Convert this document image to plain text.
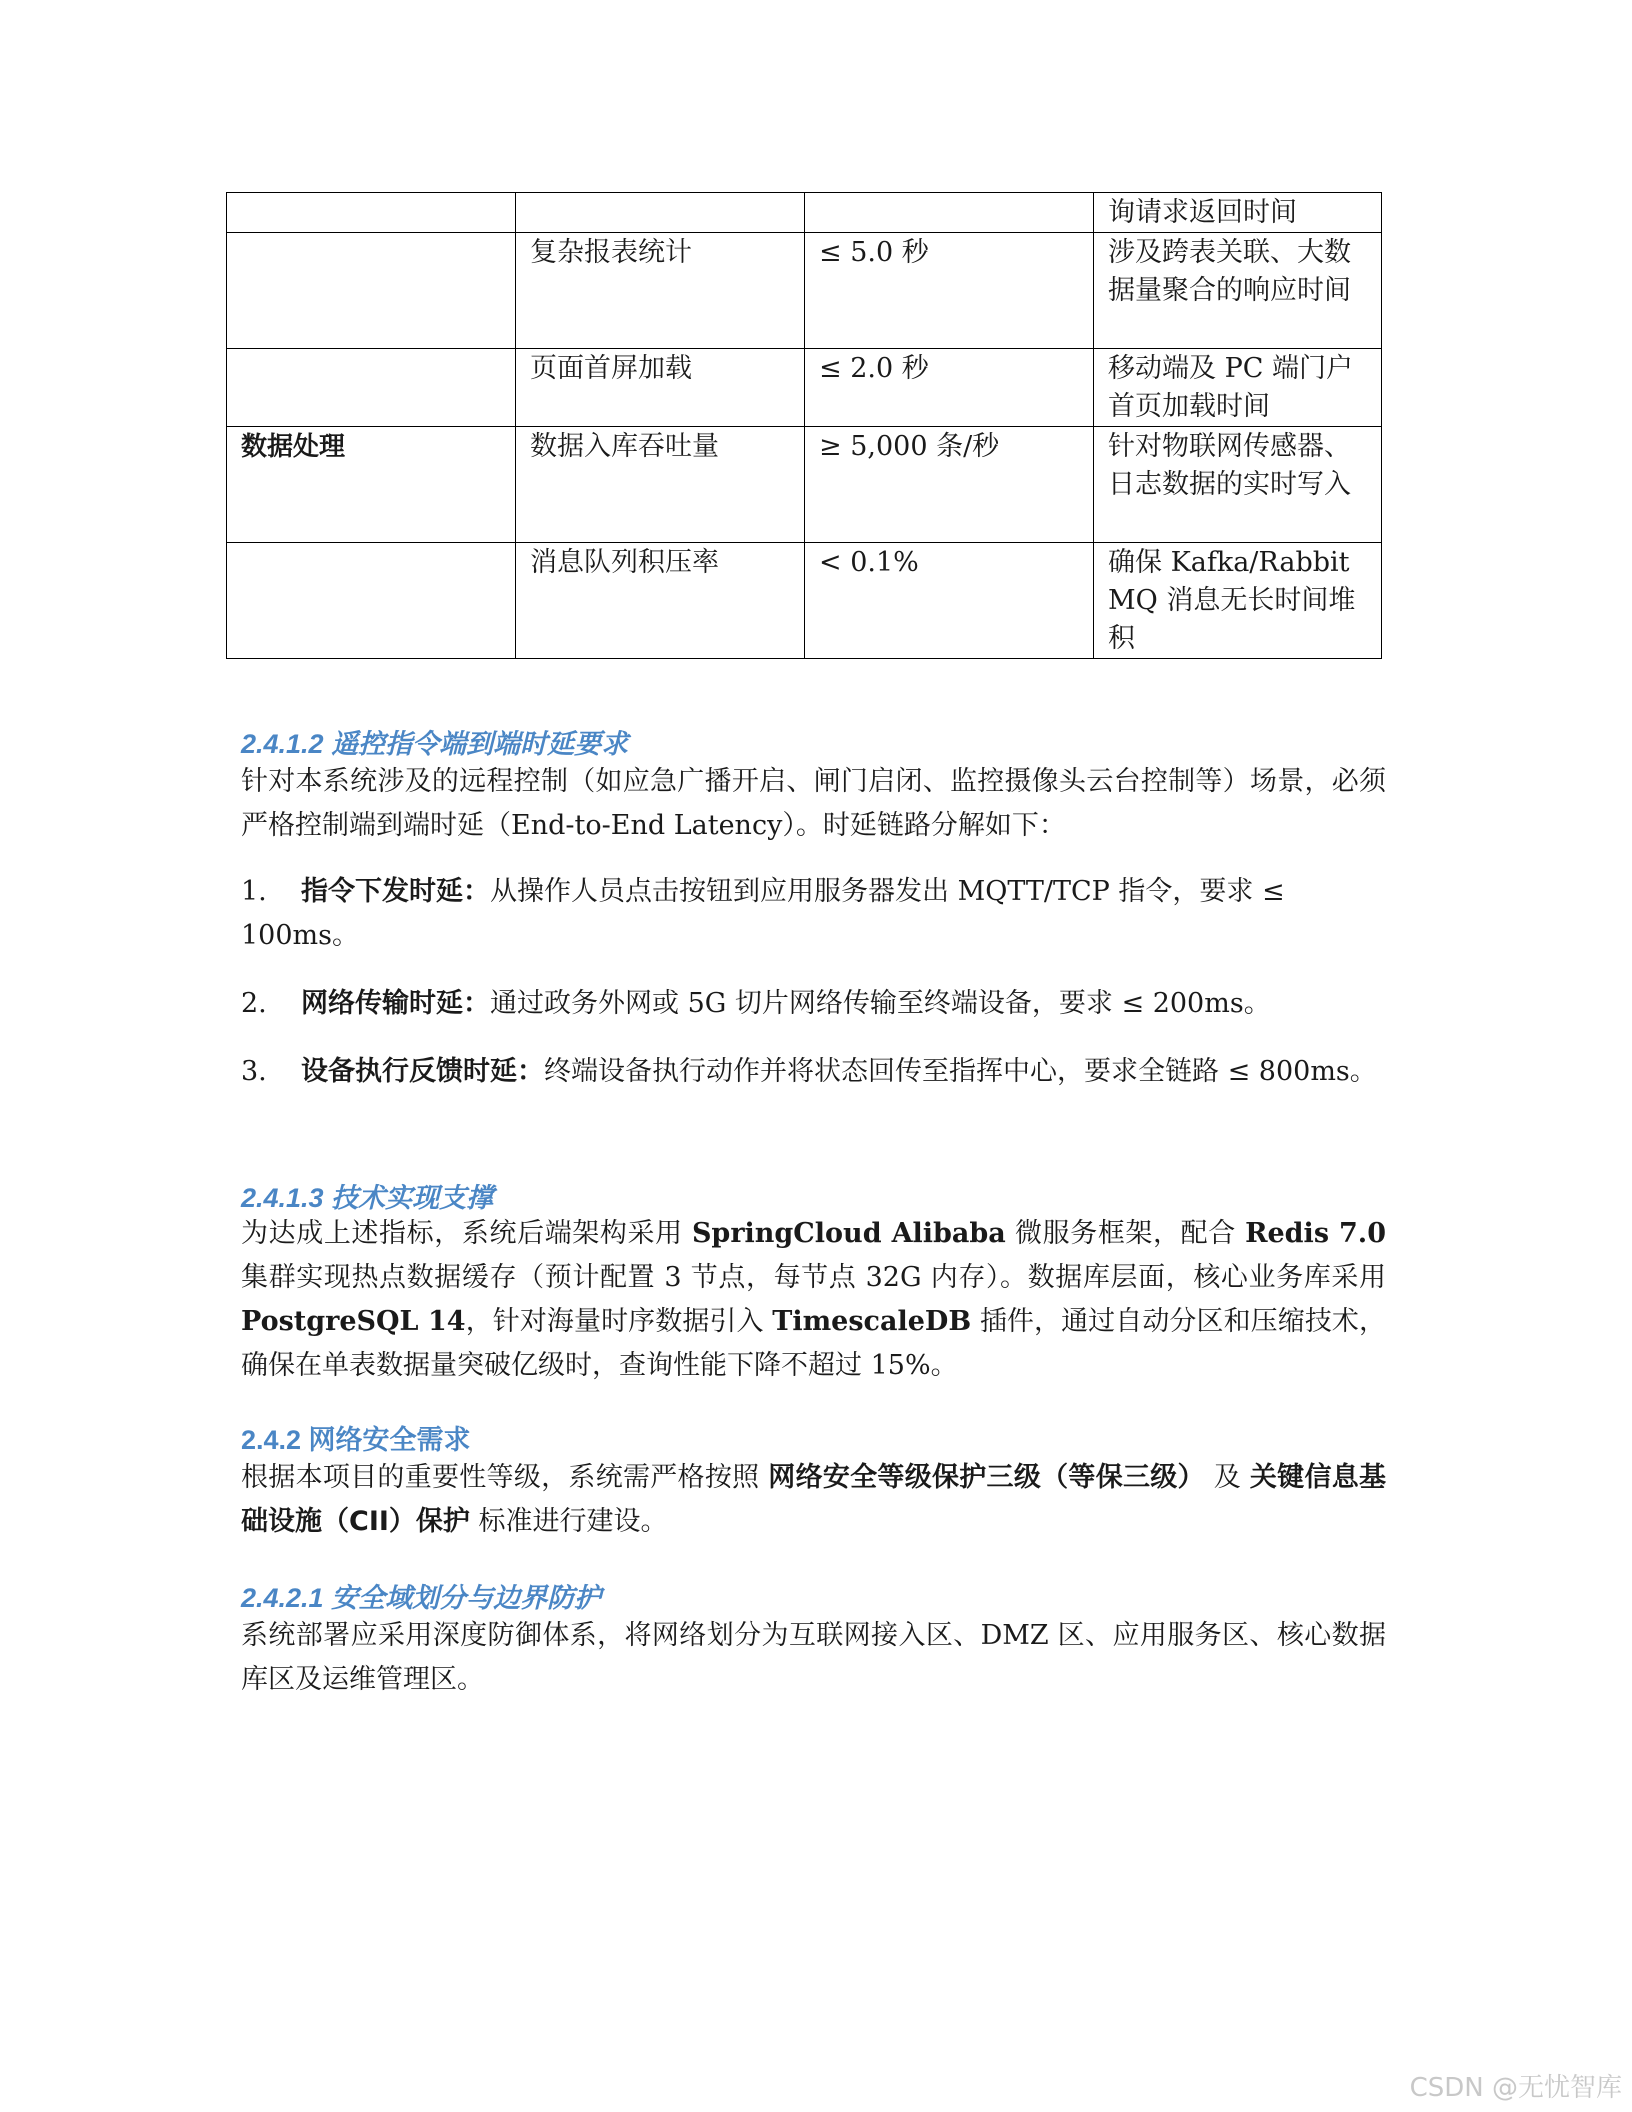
			询请求返回时间
	复杂报表统计	≤ 5.0 秒	涉及跨表关联、大数据量聚合的响应时间
	页面首屏加载	≤ 2.0 秒	移动端及 PC 端门户首页加载时间
数据处理	数据入库吞吐量	≥ 5,000 条/秒	针对物联网传感器、日志数据的实时写入
	消息队列积压率	< 0.1%	确保 Kafka/RabbitMQ 消息无长时间堆积
2.4.1.2 遥控指令端到端时延要求
针对本系统涉及的远程控制（如应急广播开启、闸门启闭、监控摄像头云台控制等）场景，必须严格控制端到端时延（End-to-End Latency）。时延链路分解如下：
1. 指令下发时延：从操作人员点击按钮到应用服务器发出 MQTT/TCP 指令，要求 ≤ 100ms。
2. 网络传输时延：通过政务外网或 5G 切片网络传输至终端设备，要求 ≤ 200ms。
3. 设备执行反馈时延：终端设备执行动作并将状态回传至指挥中心，要求全链路 ≤ 800ms。
2.4.1.3 技术实现支撑
为达成上述指标，系统后端架构采用 SpringCloud Alibaba 微服务框架，配合 Redis 7.0 集群实现热点数据缓存（预计配置 3 节点，每节点 32G 内存）。数据库层面，核心业务库采用 PostgreSQL 14，针对海量时序数据引入 TimescaleDB 插件，通过自动分区和压缩技术，确保在单表数据量突破亿级时，查询性能下降不超过 15%。
2.4.2 网络安全需求
根据本项目的重要性等级，系统需严格按照 网络安全等级保护三级（等保三级） 及 关键信息基础设施（CII）保护 标准进行建设。
2.4.2.1 安全域划分与边界防护
系统部署应采用深度防御体系，将网络划分为互联网接入区、DMZ 区、应用服务区、核心数据库区及运维管理区。
CSDN @无忧智库
